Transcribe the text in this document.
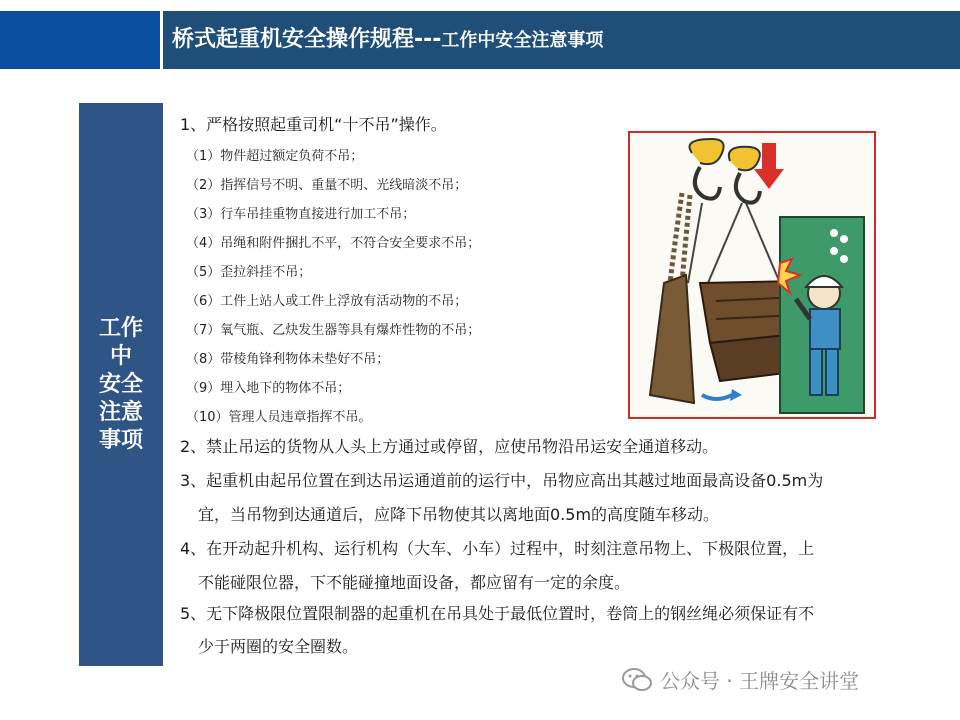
桥式起重机安全操作规程---工作中安全注意事项
工作
中
安全
注意
事项
1、严格按照起重司机“十不吊”操作。
（1）物件超过额定负荷不吊；
（2）指挥信号不明、重量不明、光线暗淡不吊；
（3）行车吊挂重物直接进行加工不吊；
（4）吊绳和附件捆扎不平，不符合安全要求不吊；
（5）歪拉斜挂不吊；
（6）工件上站人或工件上浮放有活动物的不吊；
（7）氧气瓶、乙炔发生器等具有爆炸性物的不吊；
（8）带棱角锋利物体未垫好不吊；
（9）埋入地下的物体不吊；
（10）管理人员违章指挥不吊。
2、禁止吊运的货物从人头上方通过或停留，应使吊物沿吊运安全通道移动。
3、起重机由起吊位置在到达吊运通道前的运行中，吊物应高出其越过地面最高设备0.5m为
宜，当吊物到达通道后，应降下吊物使其以离地面0.5m的高度随车移动。
4、在开动起升机构、运行机构（大车、小车）过程中，时刻注意吊物上、下极限位置，上
不能碰限位器，下不能碰撞地面设备，都应留有一定的余度。
5、无下降极限位置限制器的起重机在吊具处于最低位置时，卷筒上的钢丝绳必须保证有不
少于两圈的安全圈数。
公众号 · 王牌安全讲堂
